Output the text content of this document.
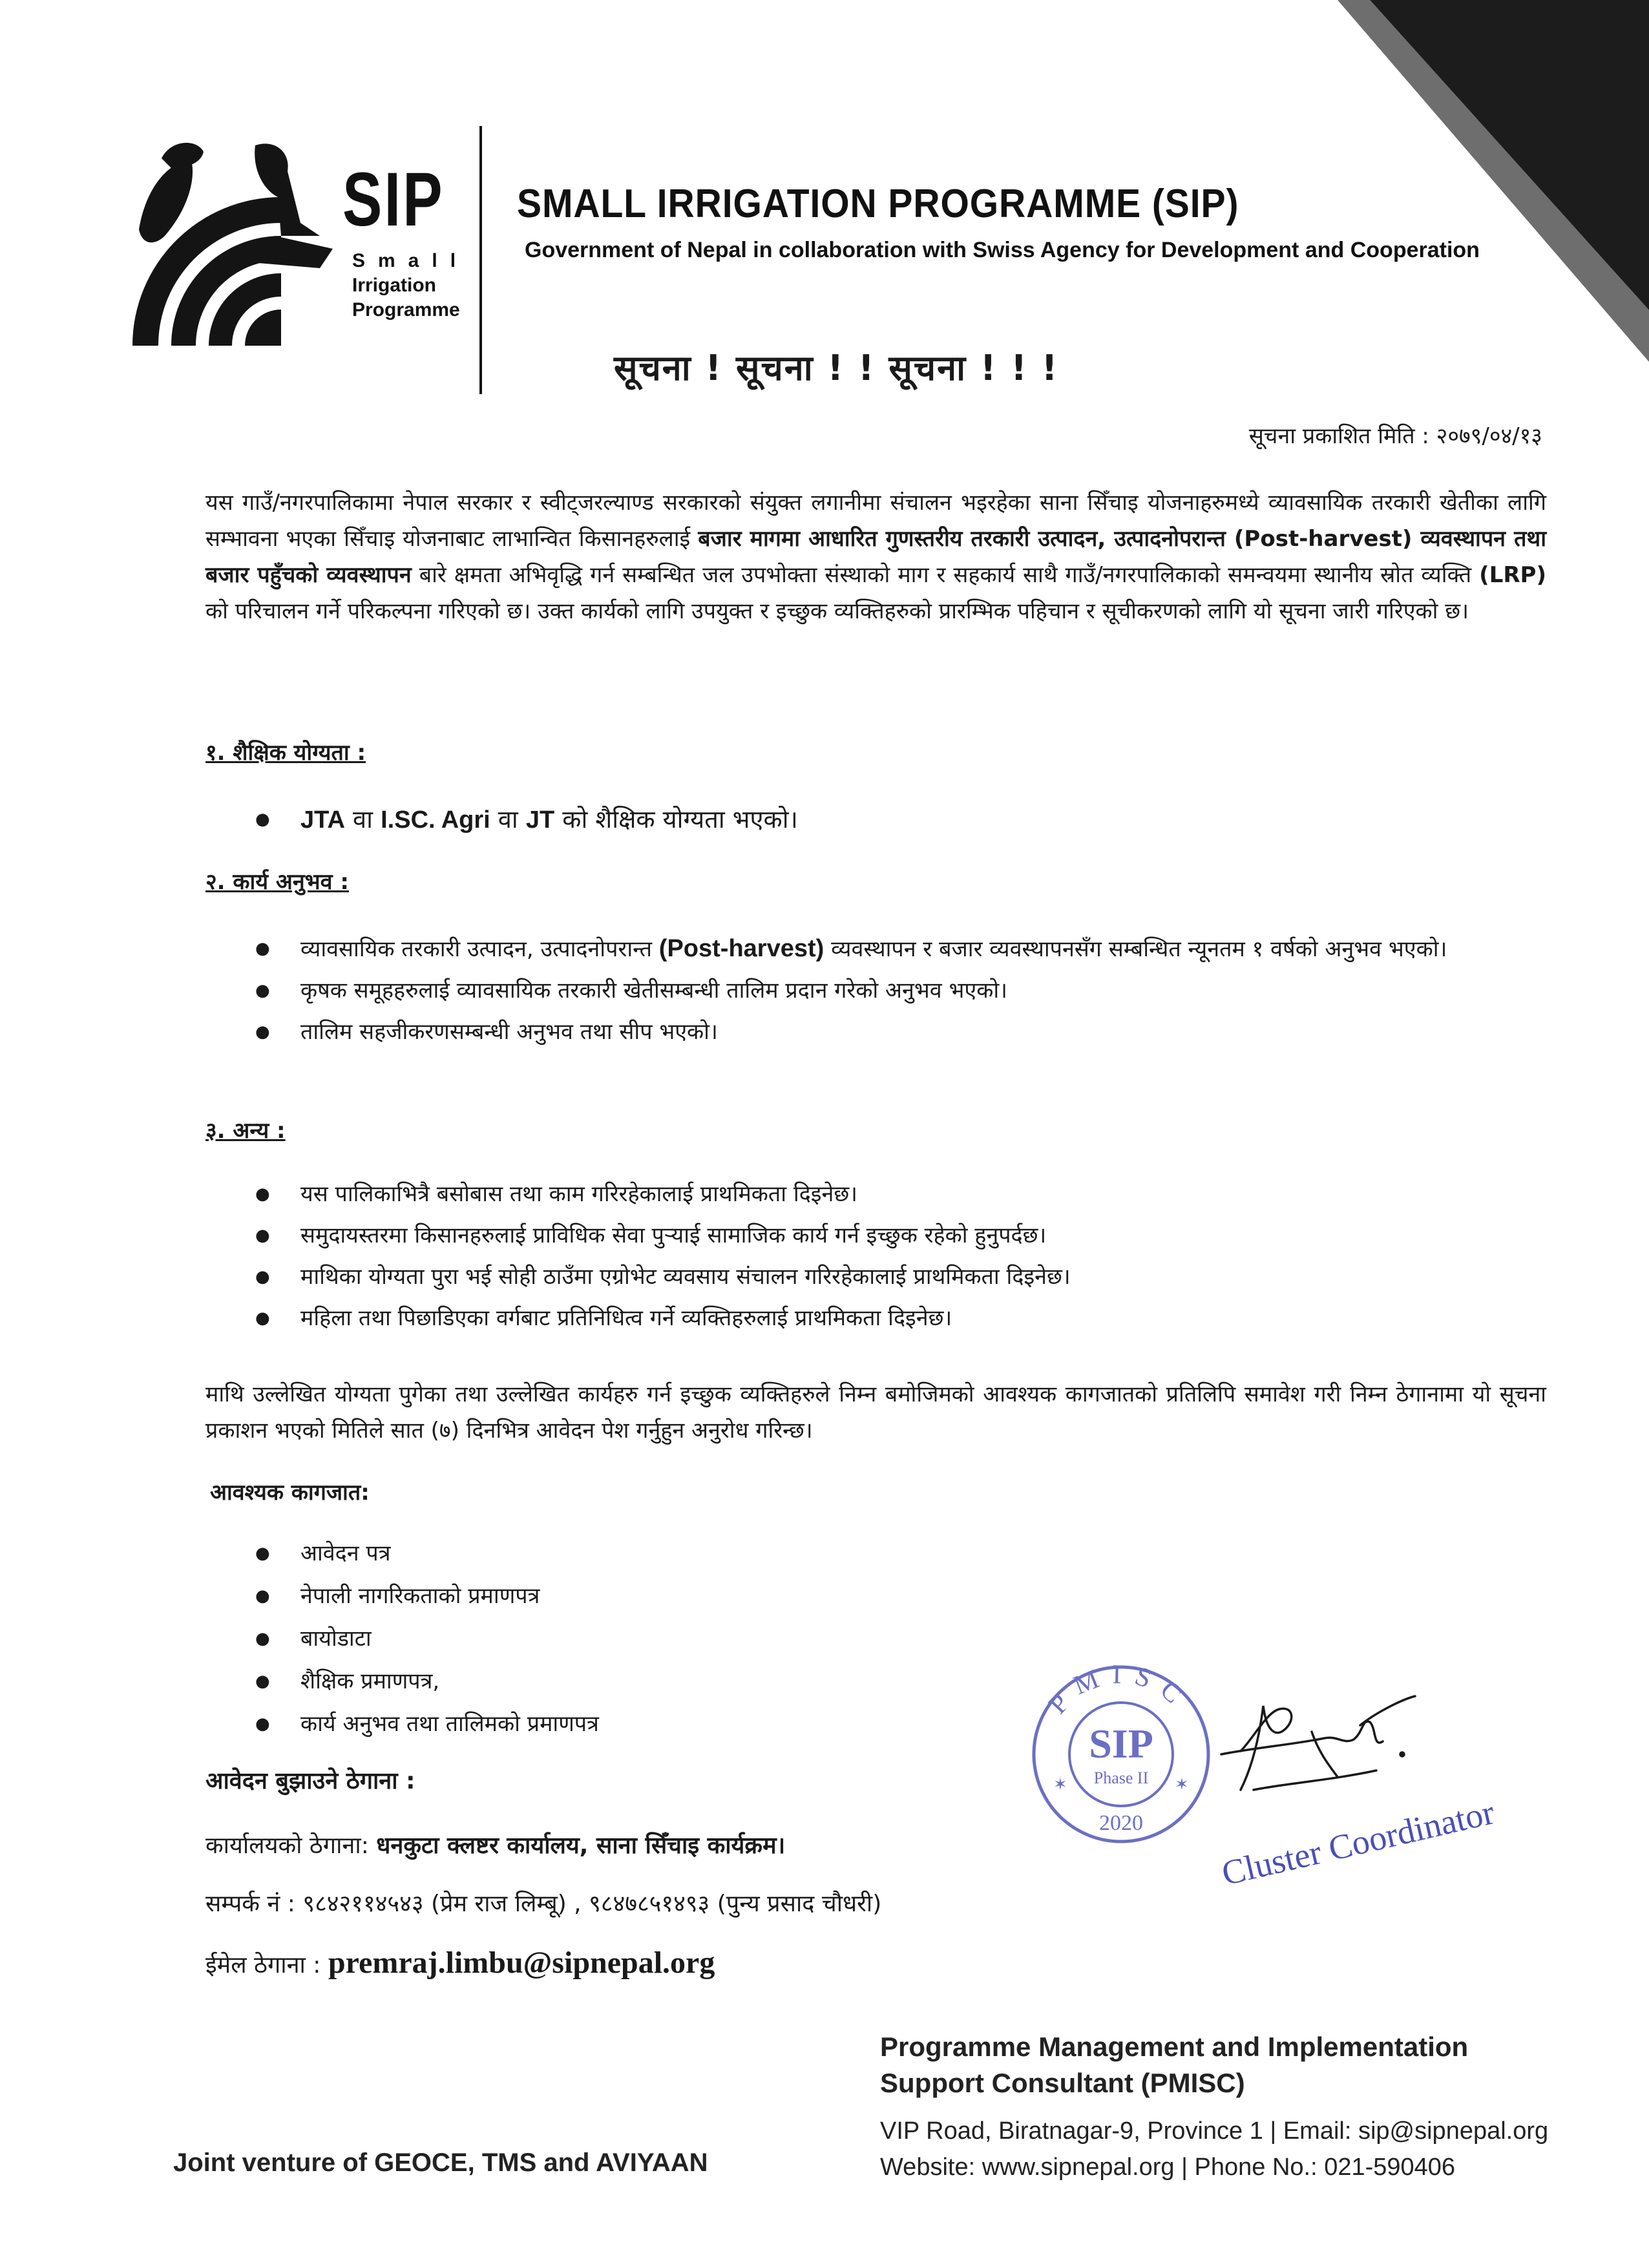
SIP
Small
Irrigation
Programme
SMALL IRRIGATION PROGRAMME (SIP)
Government of Nepal in collaboration with Swiss Agency for Development and Cooperation
सूचना ! सूचना ! ! सूचना ! ! !
सूचना प्रकाशित मिति : २०७९/०४/१३
यस गाउँ/नगरपालिकामा नेपाल सरकार र स्वीट्जरल्याण्ड सरकारको संयुक्त लगानीमा संचालन भइरहेका साना सिँचाइ योजनाहरुमध्ये व्यावसायिक तरकारी खेतीका लागि सम्भावना भएका सिँचाइ योजनाबाट लाभान्वित किसानहरुलाई बजार मागमा आधारित गुणस्तरीय तरकारी उत्पादन, उत्पादनोपरान्त (Post-harvest) व्यवस्थापन तथा बजार पहुँचको व्यवस्थापन बारे क्षमता अभिवृद्धि गर्न सम्बन्धित जल उपभोक्ता संस्थाको माग र सहकार्य साथै गाउँ/नगरपालिकाको समन्वयमा स्थानीय स्रोत व्यक्ति (LRP) को परिचालन गर्ने परिकल्पना गरिएको छ। उक्त कार्यको लागि उपयुक्त र इच्छुक व्यक्तिहरुको प्रारम्भिक पहिचान र सूचीकरणको लागि यो सूचना जारी गरिएको छ।
१. शैक्षिक योग्यता :
● JTA वा I.SC. Agri वा JT को शैक्षिक योग्यता भएको।
२. कार्य अनुभव :
● व्यावसायिक तरकारी उत्पादन, उत्पादनोपरान्त (Post-harvest) व्यवस्थापन र बजार व्यवस्थापनसँग सम्बन्धित न्यूनतम १ वर्षको अनुभव भएको।
● कृषक समूहहरुलाई व्यावसायिक तरकारी खेतीसम्बन्धी तालिम प्रदान गरेको अनुभव भएको।
● तालिम सहजीकरणसम्बन्धी अनुभव तथा सीप भएको।
३. अन्य :
● यस पालिकाभित्रै बसोबास तथा काम गरिरहेकालाई प्राथमिकता दिइनेछ।
● समुदायस्तरमा किसानहरुलाई प्राविधिक सेवा पुर्‍याई सामाजिक कार्य गर्न इच्छुक रहेको हुनुपर्दछ।
● माथिका योग्यता पुरा भई सोही ठाउँमा एग्रोभेट व्यवसाय संचालन गरिरहेकालाई प्राथमिकता दिइनेछ।
● महिला तथा पिछाडिएका वर्गबाट प्रतिनिधित्व गर्ने व्यक्तिहरुलाई प्राथमिकता दिइनेछ।
माथि उल्लेखित योग्यता पुगेका तथा उल्लेखित कार्यहरु गर्न इच्छुक व्यक्तिहरुले निम्न बमोजिमको आवश्यक कागजातको प्रतिलिपि समावेश गरी निम्न ठेगानामा यो सूचना प्रकाशन भएको मितिले सात (७) दिनभित्र आवेदन पेश गर्नुहुन अनुरोध गरिन्छ।
आवश्यक कागजात:
● आवेदन पत्र
● नेपाली नागरिकताको प्रमाणपत्र
● बायोडाटा
● शैक्षिक प्रमाणपत्र,
● कार्य अनुभव तथा तालिमको प्रमाणपत्र
आवेदन बुझाउने ठेगाना :
कार्यालयको ठेगाना: धनकुटा क्लष्टर कार्यालय, साना सिँचाइ कार्यक्रम।
सम्पर्क नं : ९८४२११४५४३ (प्रेम राज लिम्बू) , ९८४७८५१४९३ (पुन्य प्रसाद चौधरी)
ईमेल ठेगाना : premraj.limbu@sipnepal.org
PMISC
SIP
Phase II
2020
✶	✶
Cluster Coordinator
Programme Management and Implementation
Support Consultant (PMISC)
VIP Road, Biratnagar-9, Province 1 | Email: sip@sipnepal.org
Website: www.sipnepal.org | Phone No.: 021-590406
Joint venture of GEOCE, TMS and AVIYAAN
